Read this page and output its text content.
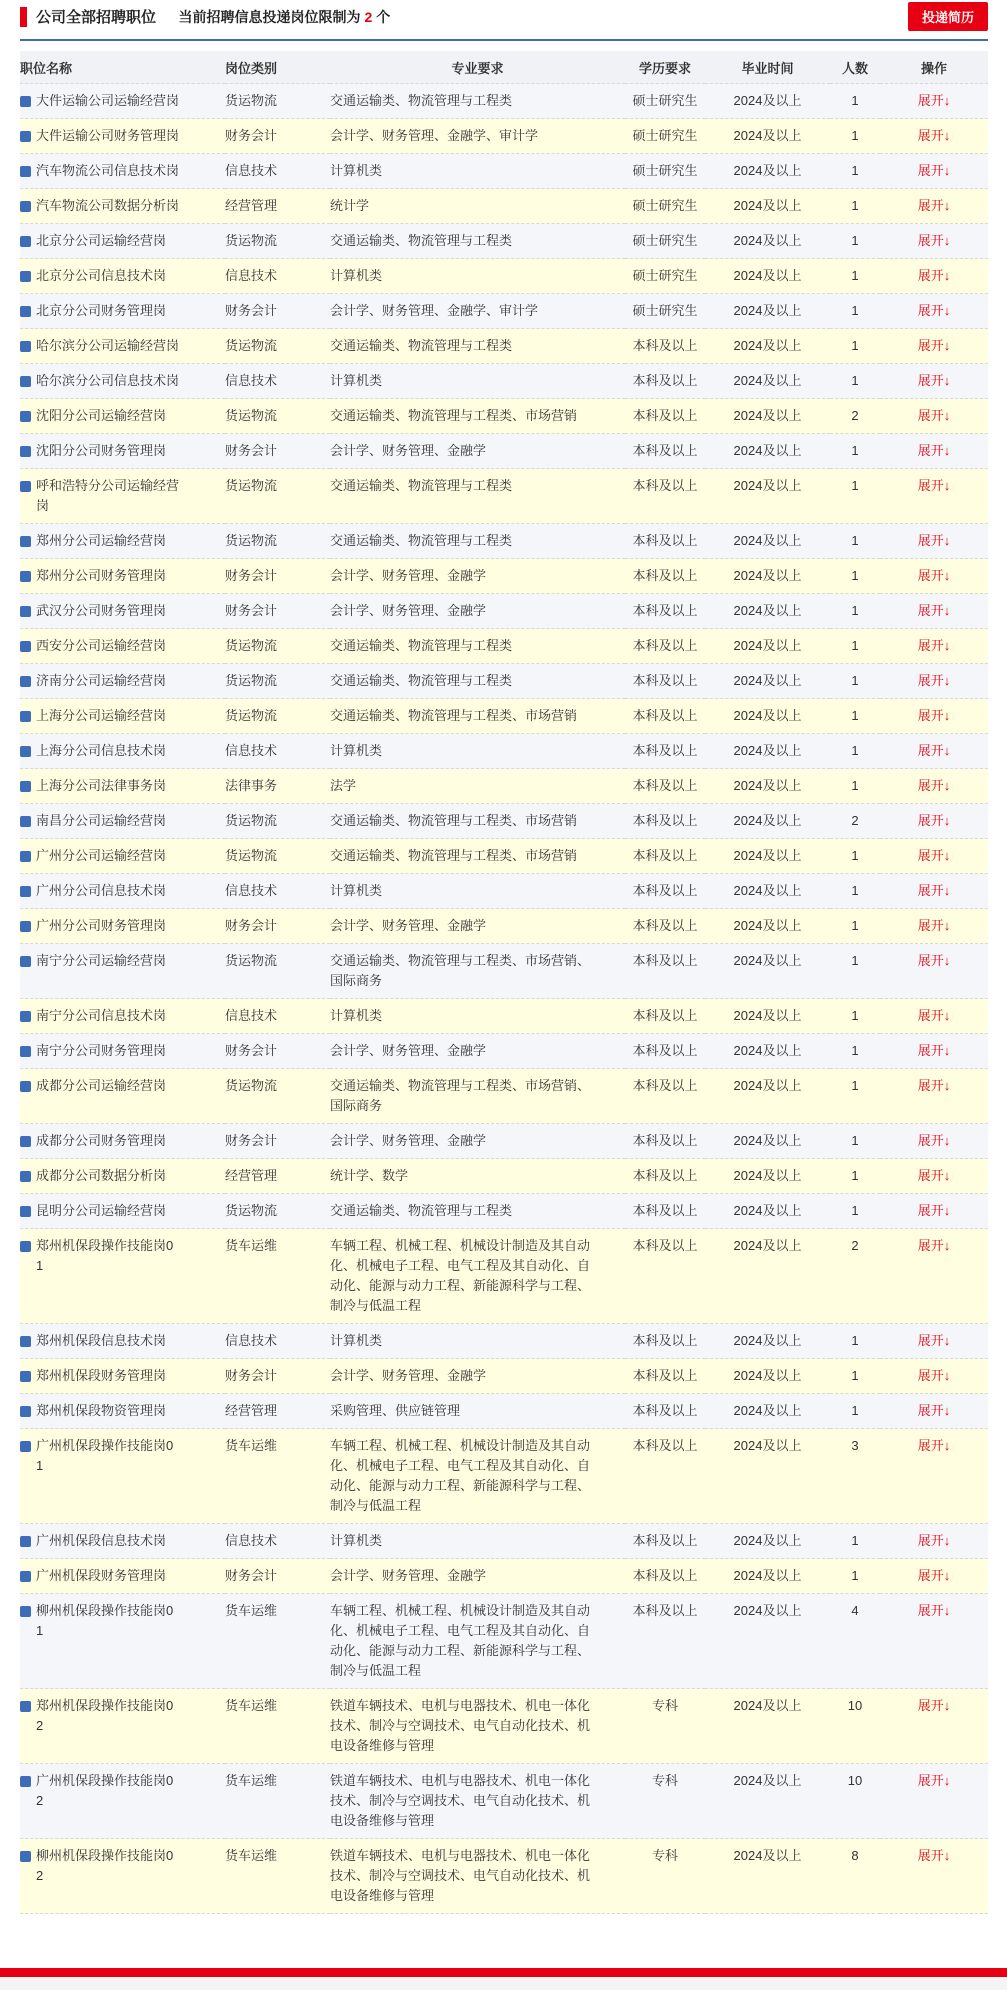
公司全部招聘职位 当前招聘信息投递岗位限制为 2 个	投递简历
职位名称	岗位类别	专业要求	学历要求	毕业时间	人数	操作

大件运输公司运输经营岗	货运物流	交通运输类、物流管理与工程类	硕士研究生	2024及以上	1	展开↓

大件运输公司财务管理岗	财务会计	会计学、财务管理、金融学、审计学	硕士研究生	2024及以上	1	展开↓

汽车物流公司信息技术岗	信息技术	计算机类	硕士研究生	2024及以上	1	展开↓

汽车物流公司数据分析岗	经营管理	统计学	硕士研究生	2024及以上	1	展开↓

北京分公司运输经营岗	货运物流	交通运输类、物流管理与工程类	硕士研究生	2024及以上	1	展开↓

北京分公司信息技术岗	信息技术	计算机类	硕士研究生	2024及以上	1	展开↓

北京分公司财务管理岗	财务会计	会计学、财务管理、金融学、审计学	硕士研究生	2024及以上	1	展开↓

哈尔滨分公司运输经营岗	货运物流	交通运输类、物流管理与工程类	本科及以上	2024及以上	1	展开↓

哈尔滨分公司信息技术岗	信息技术	计算机类	本科及以上	2024及以上	1	展开↓

沈阳分公司运输经营岗	货运物流	交通运输类、物流管理与工程类、市场营销	本科及以上	2024及以上	2	展开↓

沈阳分公司财务管理岗	财务会计	会计学、财务管理、金融学	本科及以上	2024及以上	1	展开↓

呼和浩特分公司运输经营岗	货运物流	交通运输类、物流管理与工程类	本科及以上	2024及以上	1	展开↓

郑州分公司运输经营岗	货运物流	交通运输类、物流管理与工程类	本科及以上	2024及以上	1	展开↓

郑州分公司财务管理岗	财务会计	会计学、财务管理、金融学	本科及以上	2024及以上	1	展开↓

武汉分公司财务管理岗	财务会计	会计学、财务管理、金融学	本科及以上	2024及以上	1	展开↓

西安分公司运输经营岗	货运物流	交通运输类、物流管理与工程类	本科及以上	2024及以上	1	展开↓

济南分公司运输经营岗	货运物流	交通运输类、物流管理与工程类	本科及以上	2024及以上	1	展开↓

上海分公司运输经营岗	货运物流	交通运输类、物流管理与工程类、市场营销	本科及以上	2024及以上	1	展开↓

上海分公司信息技术岗	信息技术	计算机类	本科及以上	2024及以上	1	展开↓

上海分公司法律事务岗	法律事务	法学	本科及以上	2024及以上	1	展开↓

南昌分公司运输经营岗	货运物流	交通运输类、物流管理与工程类、市场营销	本科及以上	2024及以上	2	展开↓

广州分公司运输经营岗	货运物流	交通运输类、物流管理与工程类、市场营销	本科及以上	2024及以上	1	展开↓

广州分公司信息技术岗	信息技术	计算机类	本科及以上	2024及以上	1	展开↓

广州分公司财务管理岗	财务会计	会计学、财务管理、金融学	本科及以上	2024及以上	1	展开↓

南宁分公司运输经营岗	货运物流	交通运输类、物流管理与工程类、市场营销、国际商务	本科及以上	2024及以上	1	展开↓

南宁分公司信息技术岗	信息技术	计算机类	本科及以上	2024及以上	1	展开↓

南宁分公司财务管理岗	财务会计	会计学、财务管理、金融学	本科及以上	2024及以上	1	展开↓

成都分公司运输经营岗	货运物流	交通运输类、物流管理与工程类、市场营销、国际商务	本科及以上	2024及以上	1	展开↓

成都分公司财务管理岗	财务会计	会计学、财务管理、金融学	本科及以上	2024及以上	1	展开↓

成都分公司数据分析岗	经营管理	统计学、数学	本科及以上	2024及以上	1	展开↓

昆明分公司运输经营岗	货运物流	交通运输类、物流管理与工程类	本科及以上	2024及以上	1	展开↓

郑州机保段操作技能岗01	货车运维	车辆工程、机械工程、机械设计制造及其自动化、机械电子工程、电气工程及其自动化、自动化、能源与动力工程、新能源科学与工程、制冷与低温工程	本科及以上	2024及以上	2	展开↓

郑州机保段信息技术岗	信息技术	计算机类	本科及以上	2024及以上	1	展开↓

郑州机保段财务管理岗	财务会计	会计学、财务管理、金融学	本科及以上	2024及以上	1	展开↓

郑州机保段物资管理岗	经营管理	采购管理、供应链管理	本科及以上	2024及以上	1	展开↓

广州机保段操作技能岗01	货车运维	车辆工程、机械工程、机械设计制造及其自动化、机械电子工程、电气工程及其自动化、自动化、能源与动力工程、新能源科学与工程、制冷与低温工程	本科及以上	2024及以上	3	展开↓

广州机保段信息技术岗	信息技术	计算机类	本科及以上	2024及以上	1	展开↓

广州机保段财务管理岗	财务会计	会计学、财务管理、金融学	本科及以上	2024及以上	1	展开↓

柳州机保段操作技能岗01	货车运维	车辆工程、机械工程、机械设计制造及其自动化、机械电子工程、电气工程及其自动化、自动化、能源与动力工程、新能源科学与工程、制冷与低温工程	本科及以上	2024及以上	4	展开↓

郑州机保段操作技能岗02	货车运维	铁道车辆技术、电机与电器技术、机电一体化技术、制冷与空调技术、电气自动化技术、机电设备维修与管理	专科	2024及以上	10	展开↓

广州机保段操作技能岗02	货车运维	铁道车辆技术、电机与电器技术、机电一体化技术、制冷与空调技术、电气自动化技术、机电设备维修与管理	专科	2024及以上	10	展开↓

柳州机保段操作技能岗02	货车运维	铁道车辆技术、电机与电器技术、机电一体化技术、制冷与空调技术、电气自动化技术、机电设备维修与管理	专科	2024及以上	8	展开↓
